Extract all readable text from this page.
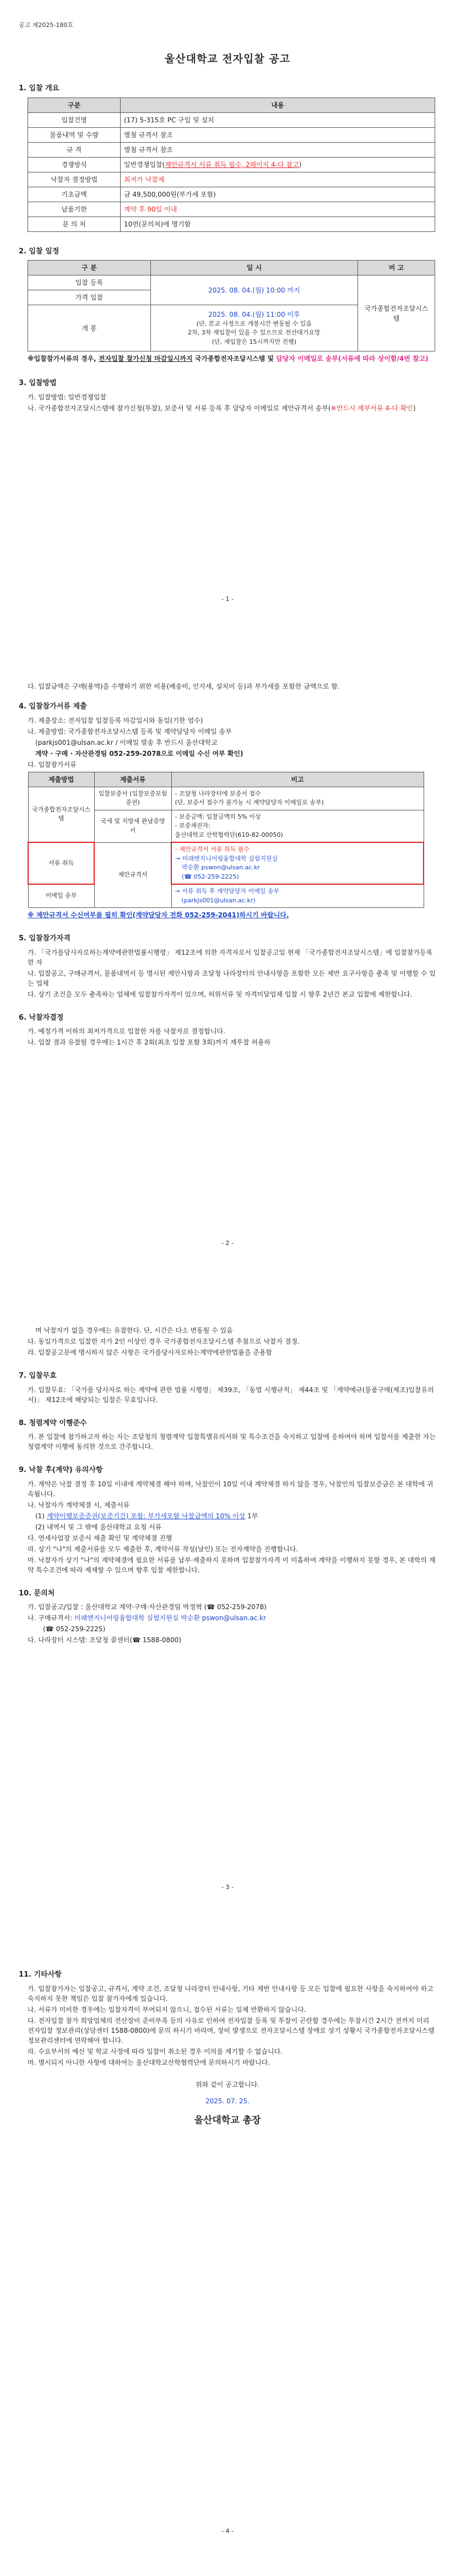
공고 제2025-180호
울산대학교 전자입찰 공고
1. 입찰 개요
구분	내용
입찰건명	(17) 5-315호 PC 구입 및 설치
물품내역 및 수량	별첨 규격서 참조
규 격	별첨 규격서 참조
경쟁방식	일반경쟁입찰(제안규격서 서류 취득 필수, 2페이지 4-다 참고)
낙찰자 결정방법	최저가 낙찰제
기초금액	금 49,500,000원(부가세 포함)
납품기한	계약 후 90일 이내
문 의 처	10번(문의처)에 명기함
2. 입찰 일정
구 분	일 시	비 고
입찰 등록	2025. 08. 04.(월) 10:00 까지	국가종합전자조달시스템
가격 입찰		
개 봉	2025. 08. 04.(월) 11:00 이후
(단, 본교 사정으로 개봉시간 변동될 수 있음
2차, 3차 재입찰이 있을 수 있으므로 전산대기요망
(단, 재입찰은 15시까지만 진행)	
※입찰참가서류의 경우, 전자입찰 참가신청 마감일시까지 국가종합전자조달시스템 및 담당자 이메일로 송부(서류에 따라 상이함/4번 참고)
3. 입찰방법
가. 입찰방법: 일반경쟁입찰
나. 국가종합전자조달시스템에 참가신청(투찰), 보증서 및 서류 등록 후 담당자 이메일로 제안규격서 송부(※반드시 제부서류 4-다 확인)
- 1 -
다. 입찰금액은 구매(용역)을 수행하기 위한 비용(배송비, 인지세, 설치비 등)과 부가세를 포함한 금액으로 함.
4. 입찰참가서류 제출
가. 제출장소: 전자입찰 입찰등록 마감일시와 동일(기한 엄수)
나. 제출방법: 국가종합전자조달시스템 등록 및 계약담당자 이메일 송부
(parkjs001@ulsan.ac.kr / 이메일 발송 후 반드시 울산대학교
계약 · 구매 · 자산관경팀 052-259-2078으로 이메일 수신 여부 확인)
다. 입찰참가서류
제출방법	제출서류	비고
국가종합전자조달시스템	입찰보증서 (입찰보증보험증권)	- 조달청 나라장터에 보증서 접수
(단, 보증서 접수가 불가능 시 계약담당자 이메일로 송부)

	국세 및 지방세 완납증명서	- 보증금액: 입찰금액의 5% 이상
- 보증채권자:
울산대학교 산학협력단(610-82-00050)

서류 취득	제안규격서	- 제안규격서 서류 취득 필수
→ 미래엔지니어링융합대학 실험지원실
박순환 pswon@ulsan.ac.kr
(☎ 052-259-2225)

이메일 송부		→ 서류 취득 후 계약담당자 이메일 송부
(parkjs001@ulsan.ac.kr)
※ 제안규격서 수신여부를 필히 확인(계약담당자 전화 052-259-2041)하시기 바랍니다.
5. 입찰참가자격
가. 「국가를당사자로하는계약에관한법률시행령」 제12조에 의한 자격자로서 입찰공고일 현재 「국가종합전자조달시스템」에 입찰참가등록한 자
나. 입찰공고, 구매규격서, 물품내역서 등 명시된 제안사항과 조달청 나라장터의 안내사항을 포함한 모든 제반 요구사항을 충족 및 이행할 수 있는 업체
다. 상기 조건을 모두 충족하는 업체에 입찰참가자격이 있으며, 허위서류 및 자격미달업체 입찰 시 향후 2년간 본교 입찰에 제한합니다.
6. 낙찰자결정
가. 예정가격 이하의 최저가격으로 입찰한 자를 낙찰자로 결정합니다.
나. 입찰 결과 유찰될 경우에는 1시간 후 2회(최초 입찰 포함 3회)까지 재투찰 허용하
- 2 -
며 낙찰자가 없을 경우에는 유찰한다. 단, 시간은 다소 변동될 수 있음
다. 동일가격으로 입찰한 자가 2인 이상인 경우 국가종합전자조달시스템 추첨으로 낙찰자 결정.
라. 입찰공고문에 명시하지 않은 사항은 국가를당사자로하는계약에관한법률을 준용함
7. 입찰무효
가. 입찰무효: 「국가를 당사자로 하는 계약에 관한 법률 시행령」 제39조, 「동법 시행규칙」 제44조 및 「계약예규(물품구매(제조)입찰유의서)」 제12조에 해당되는 입찰은 무효입니다.
8. 청렴계약 이행준수
가. 본 입찰에 참가하고자 하는 자는 조달청의 청렴계약 입찰특별유의서와 및 특수조건을 숙지하고 입찰에 응하여야 하며 입찰서를 제출한 자는 청렴계약 이행에 동의한 것으로 간주합니다.
9. 낙찰 후(계약) 유의사항
가. 계약은 낙찰 결정 후 10일 이내에 계약체결 해야 하며, 낙찰인이 10일 이내 계약체결 하지 않을 경우, 낙찰인의 입찰보증금은 본 대학에 귀속됩니다.
나. 낙찰자가 계약체결 시, 제출서류
(1) 계약이행보증증권(보증기간) 포함: 부가세포함 낙찰금액의 10% 이상 1부
(2) 내역서 및 그 밖에 울산대학교 요청 서류
다. 연세사업장 보증서 제출 확인 및 계약체결 진행
라. 상기 "나"의 제출서류를 모두 제출한 후, 계약서류 작성(날인) 또는 전자계약을 진행합니다.
마. 낙찰자가 상기 "나"의 계약체결에 필요한 서류를 납부·제출하지 못하며 입찰참가자격 이 미흡하여 계약을 이행하지 못할 경우, 본 대학의 계약 특수조건에 따라 제재할 수 있으며 향후 입찰 제한합니다.
10. 문의처
가. 입찰공고/입찰 : 울산대학교 계약·구매·자산관경팀 박정혁 (☎ 052-259-2078)
나. 구매규격서: 미래엔지니어링융합대학 실험지원실 박순환 pswon@ulsan.ac.kr
(☎ 052-259-2225)
다. 나라장터 시스템: 조달청 콜센터(☎ 1588-0800)
- 3 -
11. 기타사항
가. 입찰참가자는 입찰공고, 규격서, 계약 조건, 조달청 나라장터 안내사항, 기타 제반 안내사항 등 모든 입찰에 필요한 사항을 숙지하여야 하고 숙지하지 못한 책임은 입찰 참가자에게 있습니다.
나. 서류가 미비한 경우에는 입찰자격이 부여되지 않으니, 접수된 서류는 일체 반환하지 않습니다.
다. 전자입찰 참가 희망업체의 전산장비 준비부족 등의 사유로 인하여 전자입찰 등록 및 투찰이 곤란할 경우에는 투찰시간 2시간 전까지 미리 전자입찰 정보관리(상담센터 1588-0800)에 문의 하시기 바라며, 장비 발생으로 전자조달시스템 장애로 상기 상황시 국가종합전자조달시스템 정보관리센터에 연락해야 합니다.
라. 수요부서의 예산 및 학교 사정에 따라 입찰이 취소된 경우 이의를 제기할 수 없습니다.
마. 명시되지 아니한 사항에 대하여는 울산대학교산학협력단에 문의하시기 바랍니다.
위와 같이 공고합니다.
2025. 07. 25.
울산대학교 총장
- 4 -
